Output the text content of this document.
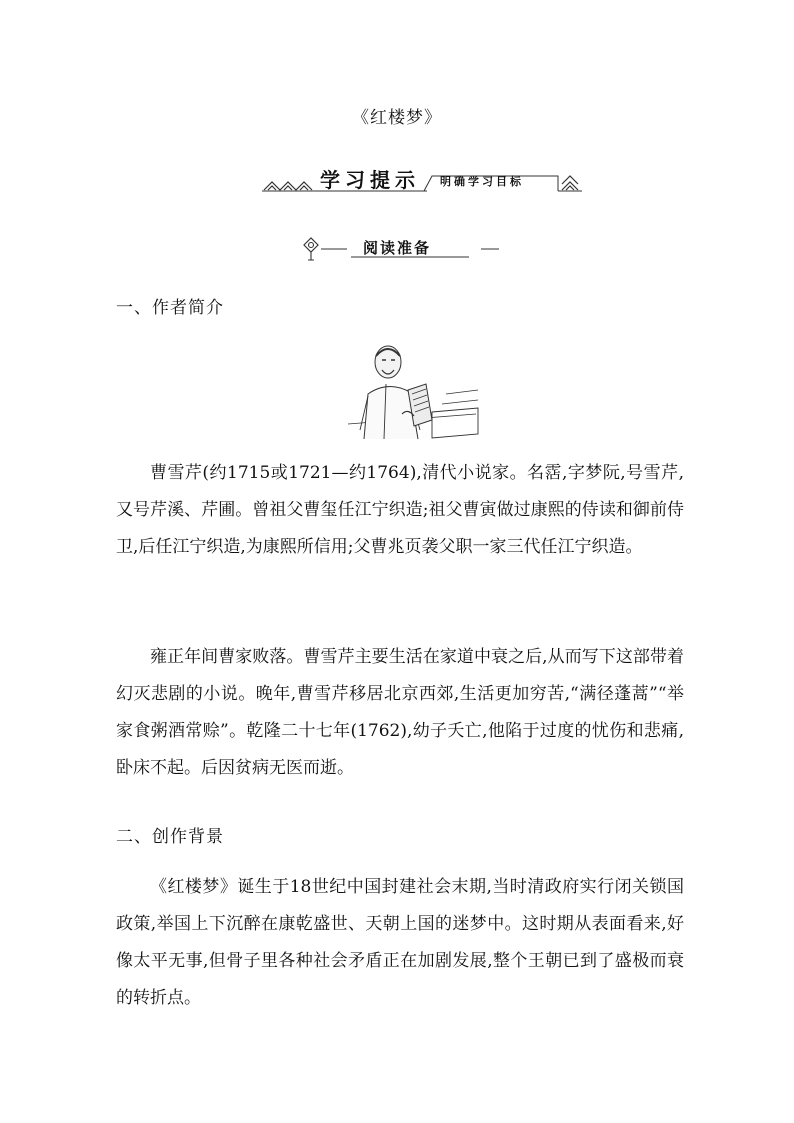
《红楼梦》
学习提示 明确学习目标
阅读准备
一、作者简介

曹雪芹(约1715或1721—约1764),清代小说家。名霑,字梦阮,号雪芹,又号芹溪、芹圃。曾祖父曹玺任江宁织造;祖父曹寅做过康熙的侍读和御前侍卫,后任江宁织造,为康熙所信用;父曹兆页袭父职一家三代任江宁织造。

雍正年间曹家败落。曹雪芹主要生活在家道中衰之后,从而写下这部带着幻灭悲剧的小说。晚年,曹雪芹移居北京西郊,生活更加穷苦,“满径蓬蒿”“举家食粥酒常赊”。乾隆二十七年(1762),幼子夭亡,他陷于过度的忧伤和悲痛,卧床不起。后因贫病无医而逝。

二、创作背景

《红楼梦》诞生于18世纪中国封建社会末期,当时清政府实行闭关锁国政策,举国上下沉醉在康乾盛世、天朝上国的迷梦中。这时期从表面看来,好像太平无事,但骨子里各种社会矛盾正在加剧发展,整个王朝已到了盛极而衰的转折点。
